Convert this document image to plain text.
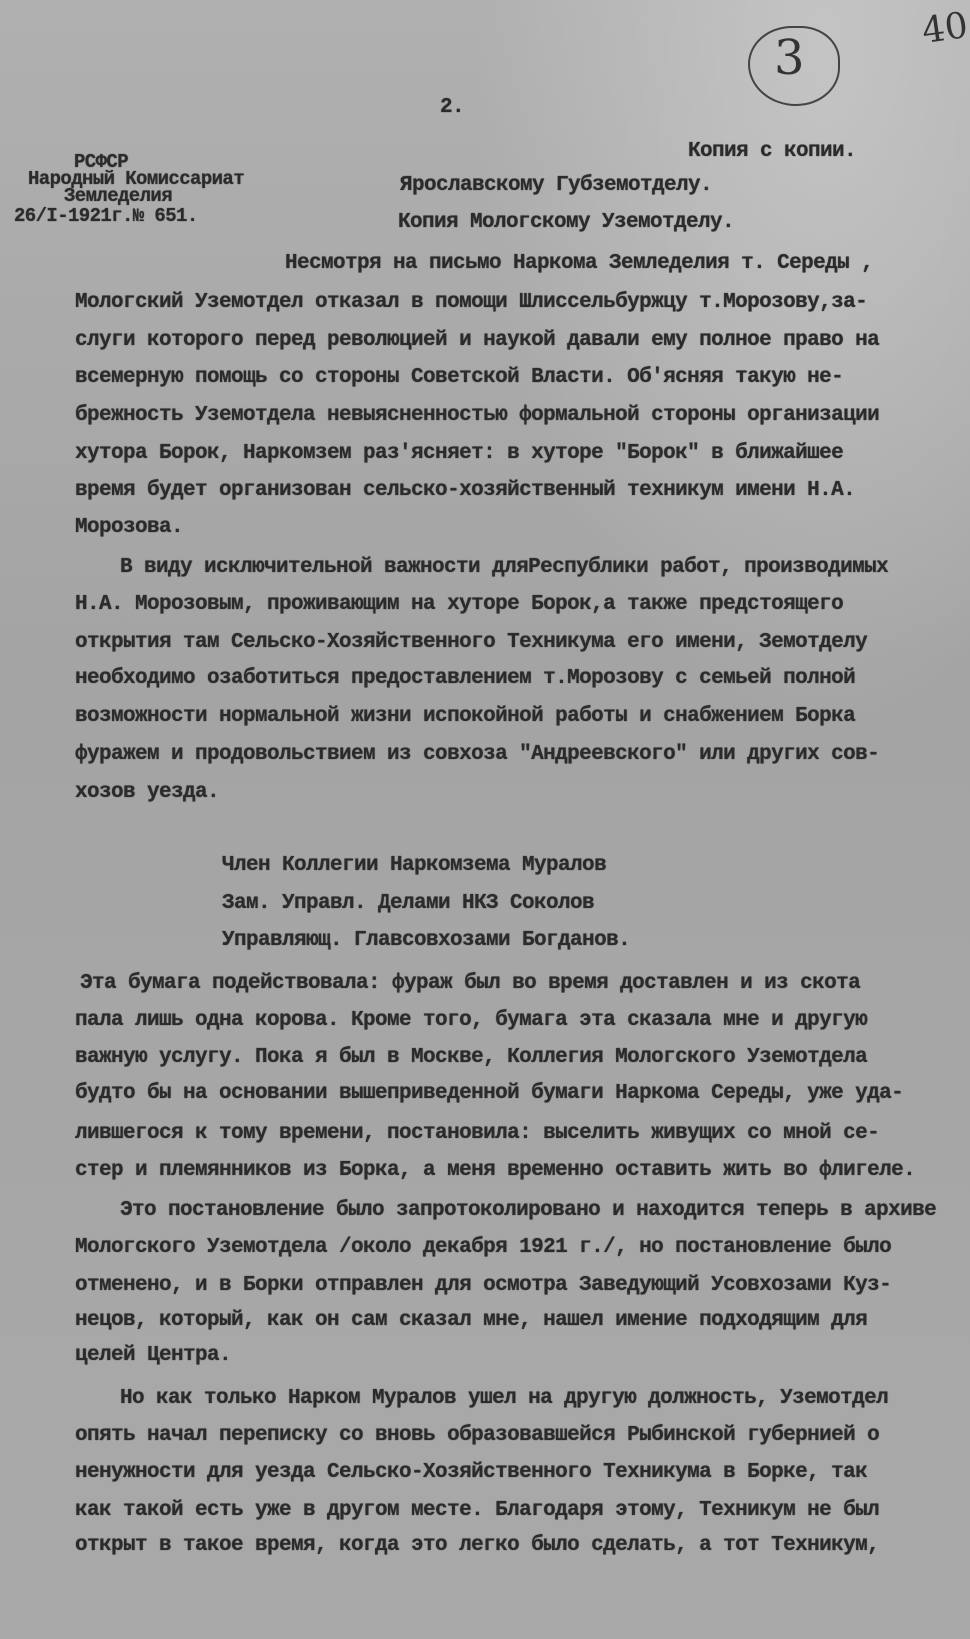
3
40
2.
Копия с копии.
РСФСР
Народный Комиссариат
Земледелия
26/I-1921г.№ 651.
Ярославскому Губземотделу.
Копия Мологскому Уземотделу.
Несмотря на письмо Наркома Земледелия т. Середы ,
Мологский Уземотдел отказал в помощи Шлиссельбуржцу т.Морозову,за-
слуги которого перед революцией и наукой давали ему полное право на
всемерную помощь со стороны Советской Власти. Об'ясняя такую не-
брежность Уземотдела невыясненностью формальной стороны организации
хутора Борок, Наркомзем раз'ясняет: в хуторе "Борок" в ближайшее
время будет организован сельско-хозяйственный техникум имени Н.А.
Морозова.
В виду исключительной важности дляРеспублики работ, производимых
Н.А. Морозовым, проживающим на хуторе Борок,а также предстоящего
открытия там Сельско-Хозяйственного Техникума его имени, Земотделу
необходимо озаботиться предоставлением т.Морозову с семьей полной
возможности нормальной жизни испокойной работы и снабжением Борка
фуражем и продовольствием из совхоза "Андреевского" или других сов-
хозов уезда.
Эта бумага подействовала: фураж был во время доставлен и из скота
пала лишь одна корова. Кроме того, бумага эта сказала мне и другую
важную услугу. Пока я был в Москве, Коллегия Мологского Уземотдела
будто бы на основании вышеприведенной бумаги Наркома Середы, уже уда-
лившегося к тому времени, постановила: выселить живущих со мной се-
стер и племянников из Борка, а меня временно оставить жить во флигеле.
Это постановление было запротоколировано и находится теперь в архиве
Мологского Уземотдела /около декабря 1921 г./, но постановление было
отменено, и в Борки отправлен для осмотра Заведующий Усовхозами Куз-
нецов, который, как он сам сказал мне, нашел имение подходящим для
целей Центра.
Но как только Нарком Муралов ушел на другую должность, Уземотдел
опять начал переписку со вновь образовавшейся Рыбинской губернией о
ненужности для уезда Сельско-Хозяйственного Техникума в Борке, так
как такой есть уже в другом месте. Благодаря этому, Техникум не был
открыт в такое время, когда это легко было сделать, а тот Техникум,
Член Коллегии Наркомзема Муралов
Зам. Управл. Делами НКЗ Соколов
Управляющ. Главсовхозами Богданов.
